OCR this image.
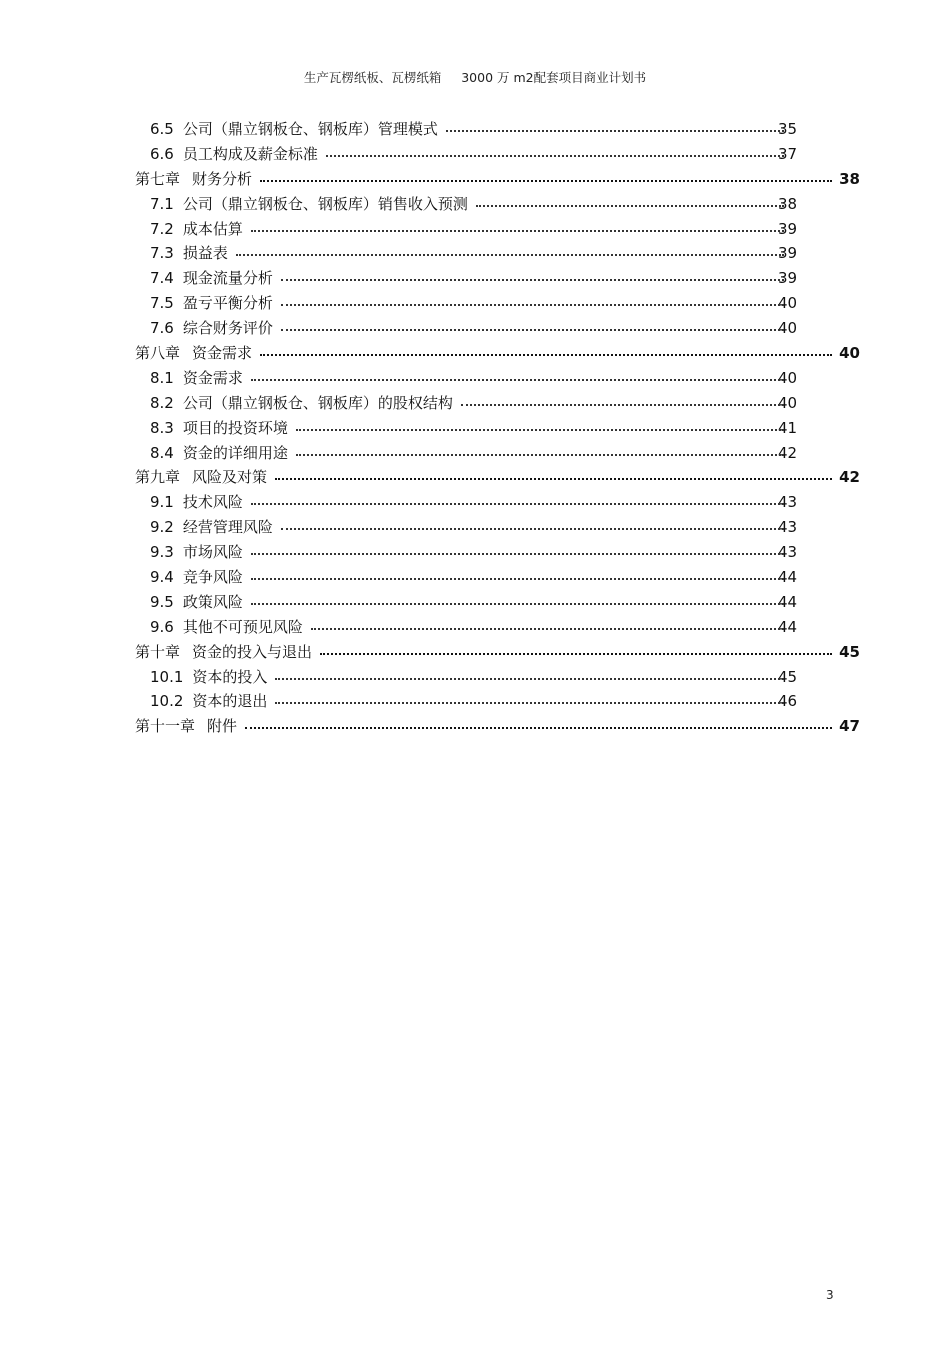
生产瓦楞纸板、瓦楞纸箱     3000 万 m2配套项目商业计划书
6.5 公司（鼎立钢板仓、钢板库）管理模式	35
6.6 员工构成及薪金标准	37
第七章 财务分析	38
7.1 公司（鼎立钢板仓、钢板库）销售收入预测	38
7.2 成本估算	39
7.3 损益表	39
7.4 现金流量分析	39
7.5 盈亏平衡分析	40
7.6 综合财务评价	40
第八章 资金需求	40
8.1 资金需求	40
8.2 公司（鼎立钢板仓、钢板库）的股权结构	40
8.3 项目的投资环境	41
8.4 资金的详细用途	42
第九章 风险及对策	42
9.1 技术风险	43
9.2 经营管理风险	43
9.3 市场风险	43
9.4 竞争风险	44
9.5 政策风险	44
9.6 其他不可预见风险	44
第十章 资金的投入与退出	45
10.1 资本的投入	45
10.2 资本的退出	46
第十一章 附件	47
3
